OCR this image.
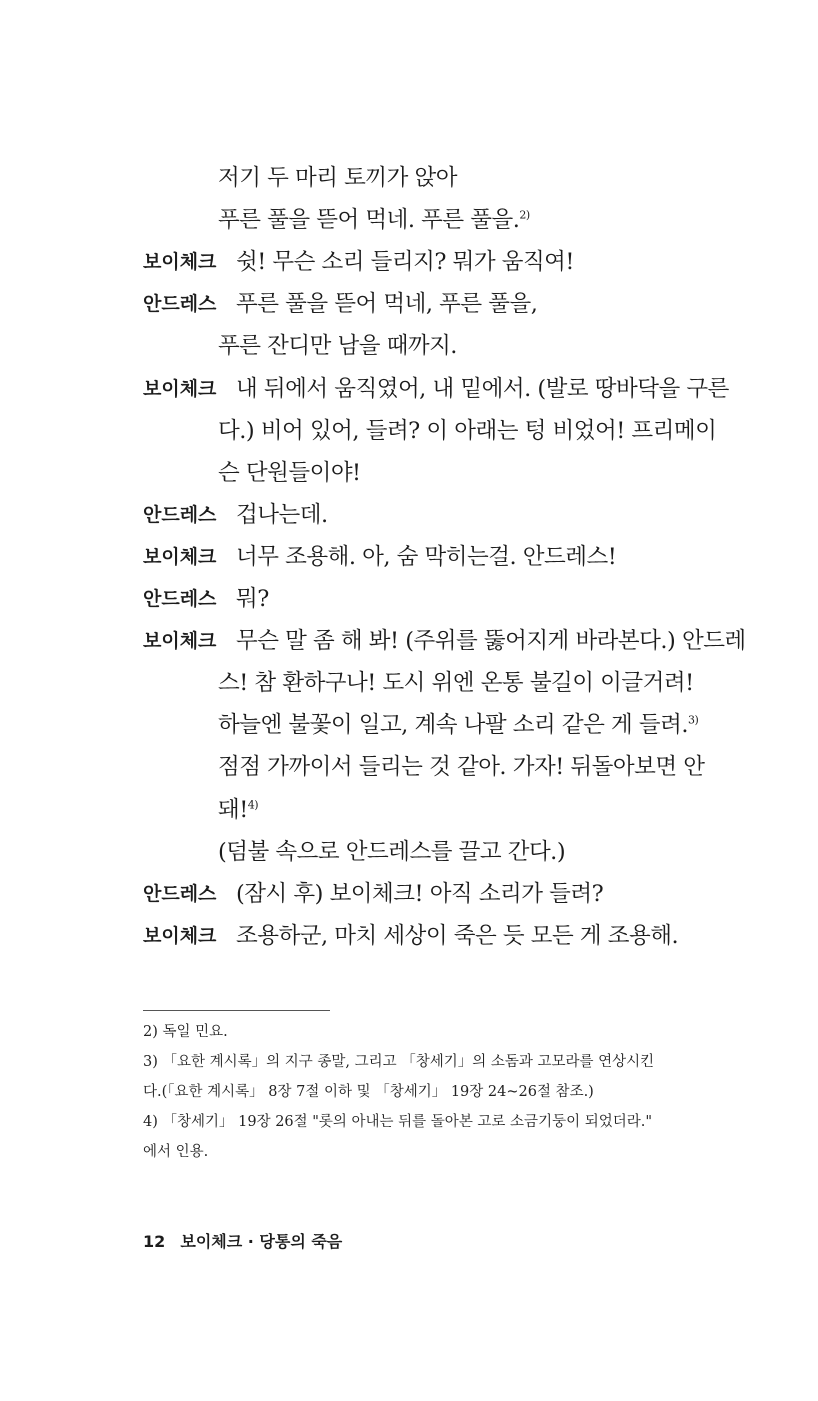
저기 두 마리 토끼가 앉아
푸른 풀을 뜯어 먹네. 푸른 풀을.$^{2)}$
보이체크 쉿! 무슨 소리 들리지? 뭐가 움직여!
안드레스 푸른 풀을 뜯어 먹네, 푸른 풀을,
푸른 잔디만 남을 때까지.
보이체크 내 뒤에서 움직였어, 내 밑에서. (발로 땅바닥을 구른
다.) 비어 있어, 들려? 이 아래는 텅 비었어! 프리메이
슨 단원들이야!
안드레스 겁나는데.
보이체크 너무 조용해. 아, 숨 막히는걸. 안드레스!
안드레스 뭐?
보이체크 무슨 말 좀 해 봐! (주위를 뚫어지게 바라본다.) 안드레
스! 참 환하구나! 도시 위엔 온통 불길이 이글거려!
하늘엔 불꽃이 일고, 계속 나팔 소리 같은 게 들려.$^{3)}$
점점 가까이서 들리는 것 같아. 가자! 뒤돌아보면 안
돼!$^{4)}$
(덤불 속으로 안드레스를 끌고 간다.)
안드레스 (잠시 후) 보이체크! 아직 소리가 들려?
보이체크 조용하군, 마치 세상이 죽은 듯 모든 게 조용해.
2) 독일 민요.
3) 「요한 계시록」의 지구 종말, 그리고 「창세기」의 소돔과 고모라를 연상시킨
다.(「요한 계시록」 8장 7절 이하 및 「창세기」 19장 24~26절 참조.)
4) 「창세기」 19장 26절 "롯의 아내는 뒤를 돌아본 고로 소금기둥이 되었더라."
에서 인용.
12 보이체크 · 당통의 죽음
